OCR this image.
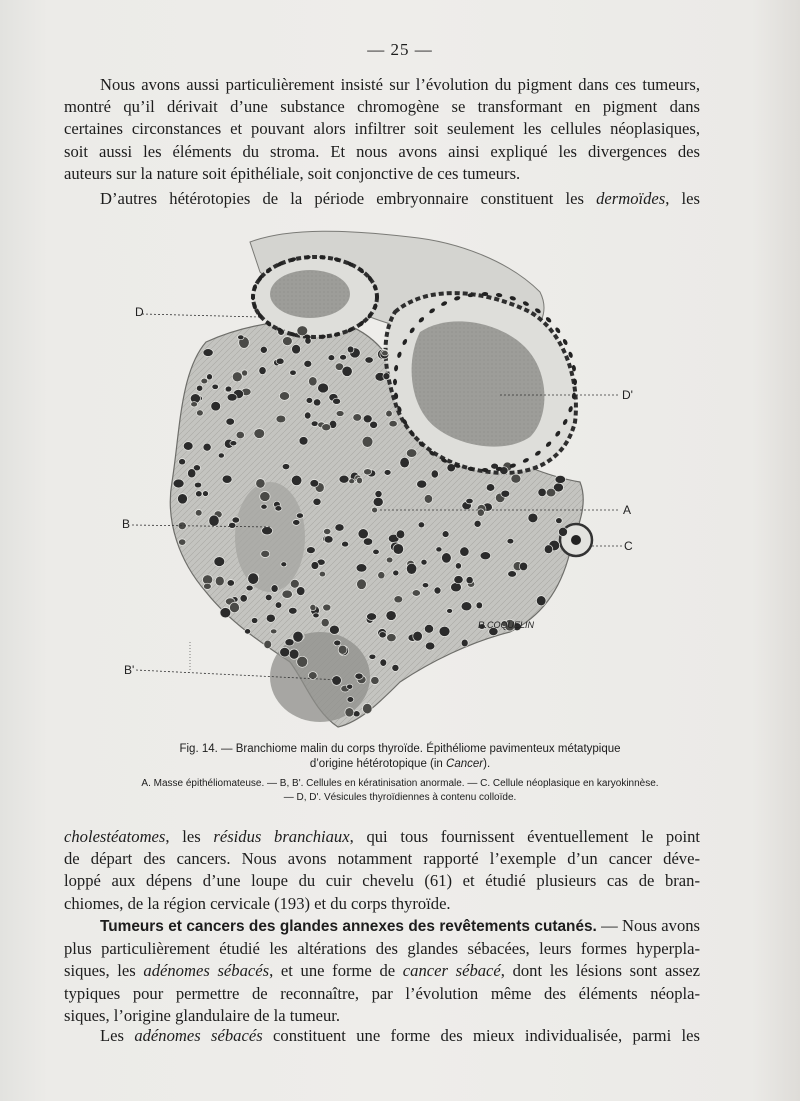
— 25 —

Nous avons aussi particulièrement insisté sur l’évolution du pigment dans ces tumeurs,
montré qu’il dérivait d’une substance chromogène se transformant en pigment dans
certaines circonstances et pouvant alors infiltrer soit seulement les cellules néoplasiques,
soit aussi les éléments du stroma. Et nous avons ainsi expliqué les divergences des
auteurs sur la nature soit épithéliale, soit conjonctive de ces tumeurs.

D’autres hétérotopies de la période embryonnaire constituent les dermoïdes, les

D
D'
A
B
C
B'
R.COQUELIN

Fig. 14. — Branchiome malin du corps thyroïde. Épithéliome pavimenteux métatypique
d’origine hétérotopique (in Cancer).

A. Masse épithéliomateuse. — B, B'. Cellules en kératinisation anormale. — C. Cellule néoplasique en karyokinnèse.
— D, D'. Vésicules thyroïdiennes à contenu colloïde.

cholestéatomes, les résidus branchiaux, qui tous fournissent éventuellement le point
de départ des cancers. Nous avons notamment rapporté l’exemple d’un cancer déve-
loppé aux dépens d’une loupe du cuir chevelu (61) et étudié plusieurs cas de bran-
chiomes, de la région cervicale (193) et du corps thyroïde.

Tumeurs et cancers des glandes annexes des revêtements cutanés. — Nous avons
plus particulièrement étudié les altérations des glandes sébacées, leurs formes hyperpla-
siques, les adénomes sébacés, et une forme de cancer sébacé, dont les lésions sont assez
typiques pour permettre de reconnaître, par l’évolution même des éléments néopla-
siques, l’origine glandulaire de la tumeur.

Les adénomes sébacés constituent une forme des mieux individualisée, parmi les
